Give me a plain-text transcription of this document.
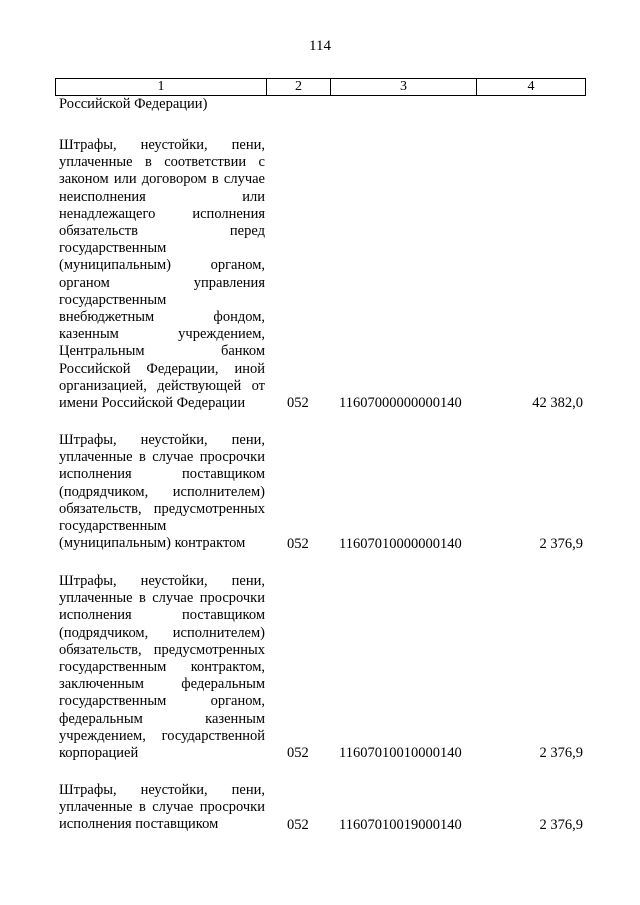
114
1	2	3	4
Российской Федерации)
Штрафы, неустойки, пени, уплаченные в соответствии с законом или договором в случае неисполнения или ненадлежащего исполнения обязательств перед государственным (муниципальным) органом, органом управления государственным внебюджетным фондом, казенным учреждением, Центральным банком Российской Федерации, иной организацией, действующей от имени Российской Федерации	052 11607000000000140	42 382,0
Штрафы, неустойки, пени, уплаченные в случае просрочки исполнения поставщиком (подрядчиком, исполнителем) обязательств, предусмотренных государственным (муниципальным) контрактом	052 11607010000000140	2 376,9
Штрафы, неустойки, пени, уплаченные в случае просрочки исполнения поставщиком (подрядчиком, исполнителем) обязательств, предусмотренных государственным контрактом, заключенным федеральным государственным органом, федеральным казенным учреждением, государственной корпорацией	052 11607010010000140	2 376,9
Штрафы, неустойки, пени, уплаченные в случае просрочки исполнения поставщиком	052 11607010019000140	2 376,9
